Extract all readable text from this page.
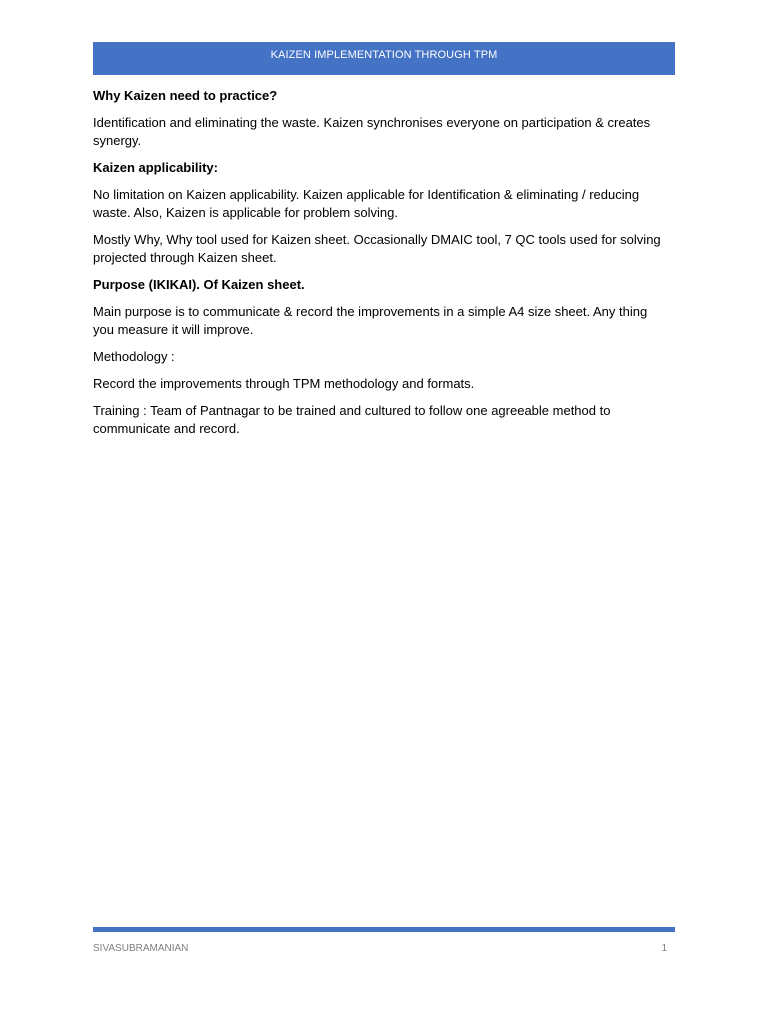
KAIZEN IMPLEMENTATION THROUGH TPM

Why Kaizen need to practice?

Identification and eliminating the waste. Kaizen synchronises everyone on participation & creates
synergy.

Kaizen applicability:

No limitation on Kaizen applicability. Kaizen applicable for Identification & eliminating / reducing
waste. Also, Kaizen is applicable for problem solving.

Mostly Why, Why tool used for Kaizen sheet. Occasionally DMAIC tool, 7 QC tools used for solving
projected through Kaizen sheet.

Purpose (IKIKAI). Of Kaizen sheet.

Main purpose is to communicate & record the improvements in a simple A4 size sheet. Any thing
you measure it will improve.

Methodology :

Record the improvements through TPM methodology and formats.

Training : Team of Pantnagar to be trained and cultured to follow one agreeable method to
communicate and record.

SIVASUBRAMANIAN	1
